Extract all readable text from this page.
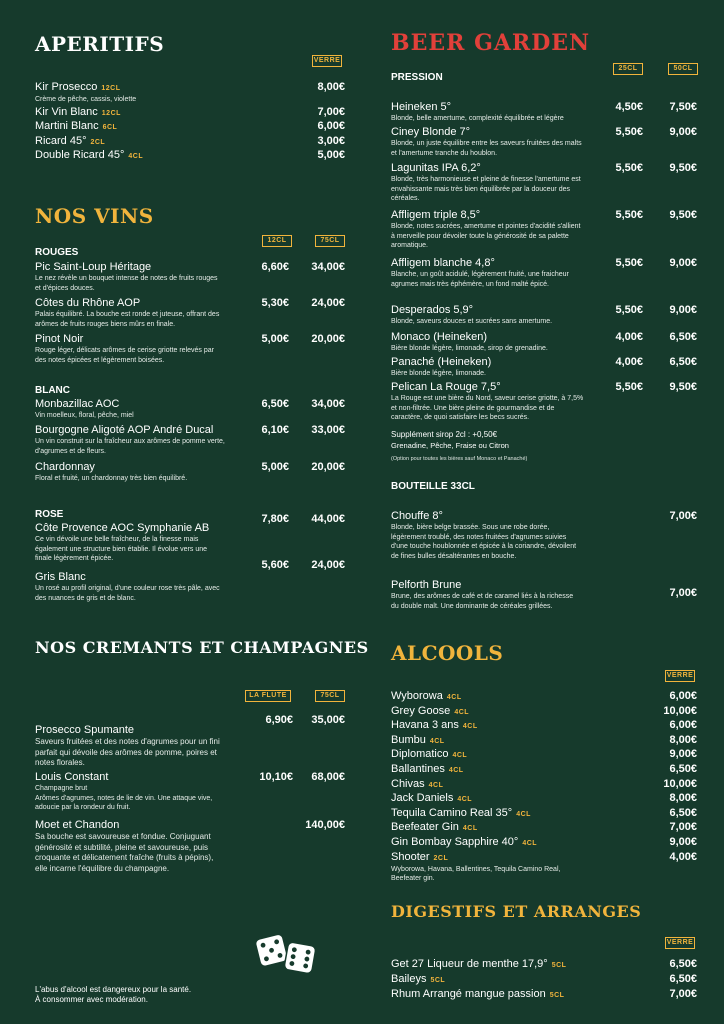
APERITIFS
VERRE
Kir Prosecco 12CL
Crème de pêche, cassis, violette
8,00€
Kir Vin Blanc 12CL	7,00€
Martini Blanc 6CL	6,00€
Ricard 45° 2CL	3,00€
Double Ricard 45° 4CL	5,00€
NOS VINS
12CL	75CL
ROUGES
Pic Saint-Loup Héritage
Le nez révèle un bouquet intense de notes de fruits rouges et d'épices douces.
6,60€ 34,00€
Côtes du Rhône AOP
Palais équilibré. La bouche est ronde et juteuse, offrant des arômes de fruits rouges biens mûrs en finale.
5,30€ 24,00€
Pinot Noir
Rouge léger, délicats arômes de cerise griotte relevés par des notes épicées et légèrement boisées.
5,00€ 20,00€
BLANC
Monbazillac AOC
Vin moelleux, floral, pêche, miel
6,50€ 34,00€
Bourgogne Aligoté AOP André Ducal
Un vin construit sur la fraîcheur aux arômes de pomme verte, d'agrumes et de fleurs.
6,10€ 33,00€
Chardonnay
Floral et fruité, un chardonnay très bien équilibré.
5,00€ 20,00€
ROSE
Côte Provence AOC Symphanie AB
Ce vin dévoile une belle fraîcheur, de la finesse mais également une structure bien établie. Il évolue vers une finale légèrement épicée.
7,80€ 44,00€
Gris Blanc
Un rosé au profil original, d'une couleur rose très pâle, avec des nuances de gris et de blanc.
5,60€ 24,00€
NOS CREMANTS ET CHAMPAGNES
LA FLUTE	75CL
Prosecco Spumante
Saveurs fruitées et des notes d'agrumes pour un fini parfait qui dévoile des arômes de pomme, poires et notes florales.
6,90€ 35,00€
Louis Constant
Champagne brut
Arômes d'agrumes, notes de lie de vin. Une attaque vive, adoucie par la rondeur du fruit.
10,10€ 68,00€
Moet et Chandon
Sa bouche est savoureuse et fondue. Conjuguant générosité et subtilité, pleine et savoureuse, puis croquante et délicatement fraîche (fruits à pépins), elle incarne l'équilibre du champagne.
140,00€
L'abus d'alcool est dangereux pour la santé.
À consommer avec modération.
BEER GARDEN
PRESSION
25CL	50CL
Heineken 5°
Blonde, belle amertume, complexité équilibrée et légère
4,50€ 7,50€
Ciney Blonde 7°
Blonde, un juste équilibre entre les saveurs fruitées des malts et l'amertume tranche du houblon.
5,50€ 9,00€
Lagunitas IPA 6,2°
Blonde, très harmonieuse et pleine de finesse l'amertume est envahissante mais très bien équilibrée par la douceur des céréales.
5,50€ 9,50€
Affligem triple 8,5°
Blonde, notes sucrées, amertume et pointes d'acidité s'allient à merveille pour dévoiler toute la générosité de sa palette aromatique.
5,50€ 9,50€
Affligem blanche 4,8°
Blanche, un goût acidulé, légèrement fruité, une fraicheur agrumes mais très éphémère, un fond malté épicé.
5,50€ 9,00€
Desperados 5,9°
Blonde, saveurs douces et sucrées sans amertume.
5,50€ 9,00€
Monaco (Heineken)
Bière blonde légère, limonade, sirop de grenadine.
4,00€ 6,50€
Panaché (Heineken)
Bière blonde légère, limonade.
4,00€ 6,50€
Pelican La Rouge 7,5°
La Rouge est une bière du Nord, saveur cerise griotte, à 7,5% et non-filtrée. Une bière pleine de gourmandise et de caractère, de quoi satisfaire les becs sucrés.
5,50€ 9,50€
Supplément sirop 2cl : +0,50€
Grenadine, Pêche, Fraise ou Citron
(Option pour toutes les bières sauf Monaco et Panaché)
BOUTEILLE 33CL
Chouffe 8°
Blonde, bière belge brassée. Sous une robe dorée, légèrement troublé, des notes fruitées d'agrumes suivies d'une touche houblonnée et épicée à la coriandre, dévoilent de fines bulles désaltérantes en bouche.
7,00€
Pelforth Brune
Brune, des arômes de café et de caramel liés à la richesse du double malt. Une dominante de céréales grillées.
7,00€
ALCOOLS
VERRE
Wyborowa 4CL	6,00€
Grey Goose 4CL	10,00€
Havana 3 ans 4CL	6,00€
Bumbu 4CL	8,00€
Diplomatico 4CL	9,00€
Ballantines 4CL	6,50€
Chivas 4CL	10,00€
Jack Daniels 4CL	8,00€
Tequila Camino Real 35° 4CL	6,50€
Beefeater Gin 4CL	7,00€
Gin Bombay Sapphire 40° 4CL	9,00€
Shooter 2CL
Wyborowa, Havana, Ballentines, Tequila Camino Real, Beefeater gin.
4,00€
DIGESTIFS ET ARRANGES
VERRE
Get 27 Liqueur de menthe 17,9° 5CL	6,50€
Baileys 5CL	6,50€
Rhum Arrangé mangue passion 5CL	7,00€
